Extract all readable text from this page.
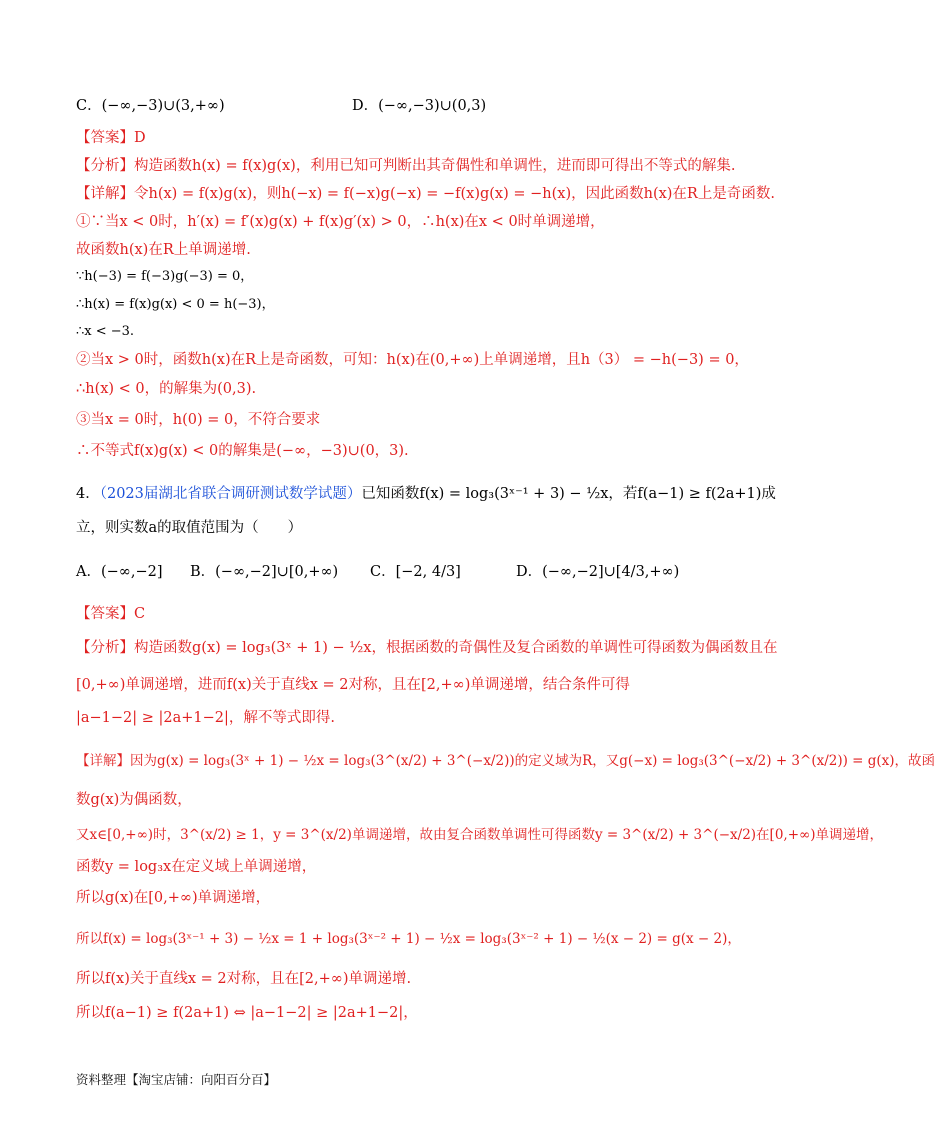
C．(−∞,−3)∪(3,+∞)	D．(−∞,−3)∪(0,3)
【答案】D
【分析】构造函数h(x) = f(x)g(x)，利用已知可判断出其奇偶性和单调性，进而即可得出不等式的解集.
【详解】令h(x) = f(x)g(x)，则h(−x) = f(−x)g(−x) = −f(x)g(x) = −h(x)，因此函数h(x)在R上是奇函数.
①∵当x < 0时，h′(x) = f′(x)g(x) + f(x)g′(x) > 0，∴h(x)在x < 0时单调递增，
故函数h(x)在R上单调递增.
∵h(−3) = f(−3)g(−3) = 0，
∴h(x) = f(x)g(x) < 0 = h(−3)，
∴x < −3.
②当x > 0时，函数h(x)在R上是奇函数，可知：h(x)在(0,+∞)上单调递增，且h（3） = −h(−3) = 0，
∴h(x) < 0，的解集为(0,3).
③当x = 0时，h(0) = 0，不符合要求
∴不等式f(x)g(x) < 0的解集是(−∞，−3)∪(0，3).
4．（2023届湖北省联合调研测试数学试题）已知函数f(x) = log₃(3ˣ⁻¹ + 3) − ½x，若f(a−1) ≥ f(2a+1)成
立，则实数a的取值范围为（　　）
A．(−∞,−2] B．(−∞,−2]∪[0,+∞) C．[−2, 4/3]	D．(−∞,−2]∪[4/3,+∞)
【答案】C
【分析】构造函数g(x) = log₃(3ˣ + 1) − ½x，根据函数的奇偶性及复合函数的单调性可得函数为偶函数且在
[0,+∞)单调递增，进而f(x)关于直线x = 2对称，且在[2,+∞)单调递增，结合条件可得
|a−1−2| ≥ |2a+1−2|，解不等式即得.
【详解】因为g(x) = log₃(3ˣ + 1) − ½x = log₃(3^(x/2) + 3^(−x/2))的定义域为R，又g(−x) = log₃(3^(−x/2) + 3^(x/2)) = g(x)，故函
数g(x)为偶函数，
又x∈[0,+∞)时，3^(x/2) ≥ 1，y = 3^(x/2)单调递增，故由复合函数单调性可得函数y = 3^(x/2) + 3^(−x/2)在[0,+∞)单调递增，
函数y = log₃x在定义域上单调递增，
所以g(x)在[0,+∞)单调递增，
所以f(x) = log₃(3ˣ⁻¹ + 3) − ½x = 1 + log₃(3ˣ⁻² + 1) − ½x = log₃(3ˣ⁻² + 1) − ½(x − 2) = g(x − 2)，
所以f(x)关于直线x = 2对称，且在[2,+∞)单调递增.
所以f(a−1) ≥ f(2a+1) ⇔ |a−1−2| ≥ |2a+1−2|，
资料整理【淘宝店铺：向阳百分百】
